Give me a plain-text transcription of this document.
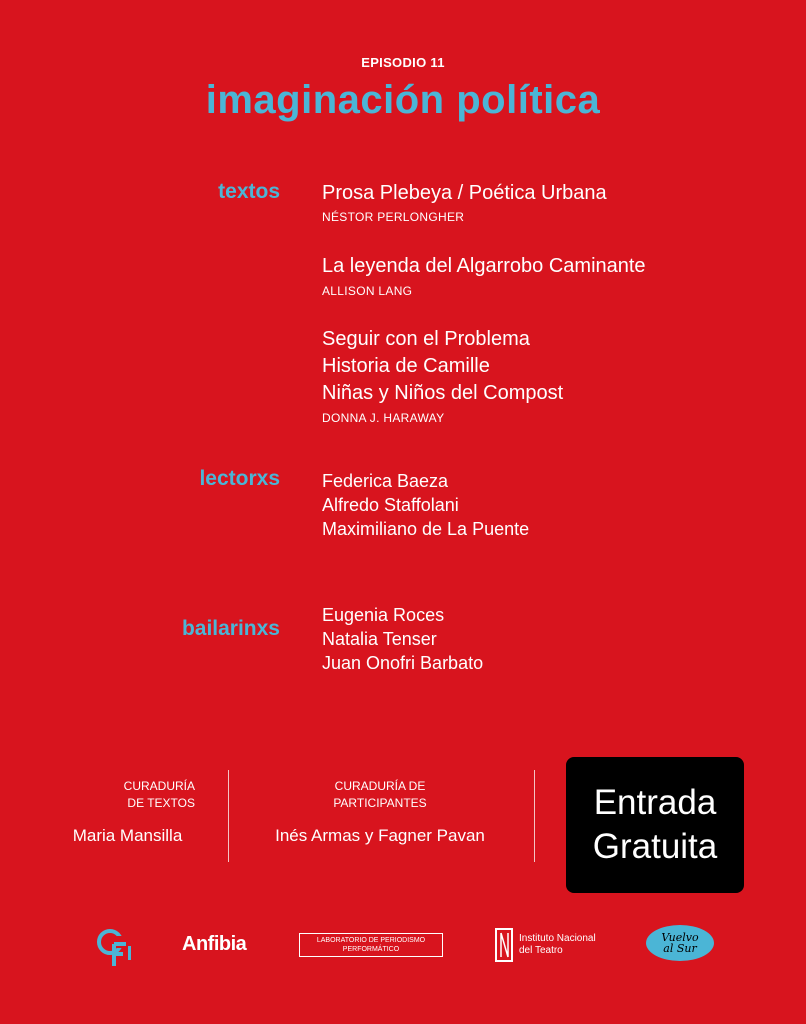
EPISODIO 11
imaginación política
textos Prosa Plebeya / Poética Urbana
NÉSTOR PERLONGHER
La leyenda del Algarrobo Caminante
ALLISON LANG
Seguir con el Problema
Historia de Camille
Niñas y Niños del Compost
DONNA J. HARAWAY
lectorxs Federica Baeza
Alfredo Staffolani
Maximiliano de La Puente
bailarinxs
Eugenia Roces
Natalia Tenser
Juan Onofri Barbato
CURADURÍA
DE TEXTOS
Maria Mansilla
CURADURÍA DE
PARTICIPANTES
Inés Armas y Fagner Pavan
Entrada
Gratuita
Anfibia	LABORATORIO DE PERIODISMO
PERFORMÁTICO
Instituto Nacional
del Teatro
Vuelvo
al Sur
